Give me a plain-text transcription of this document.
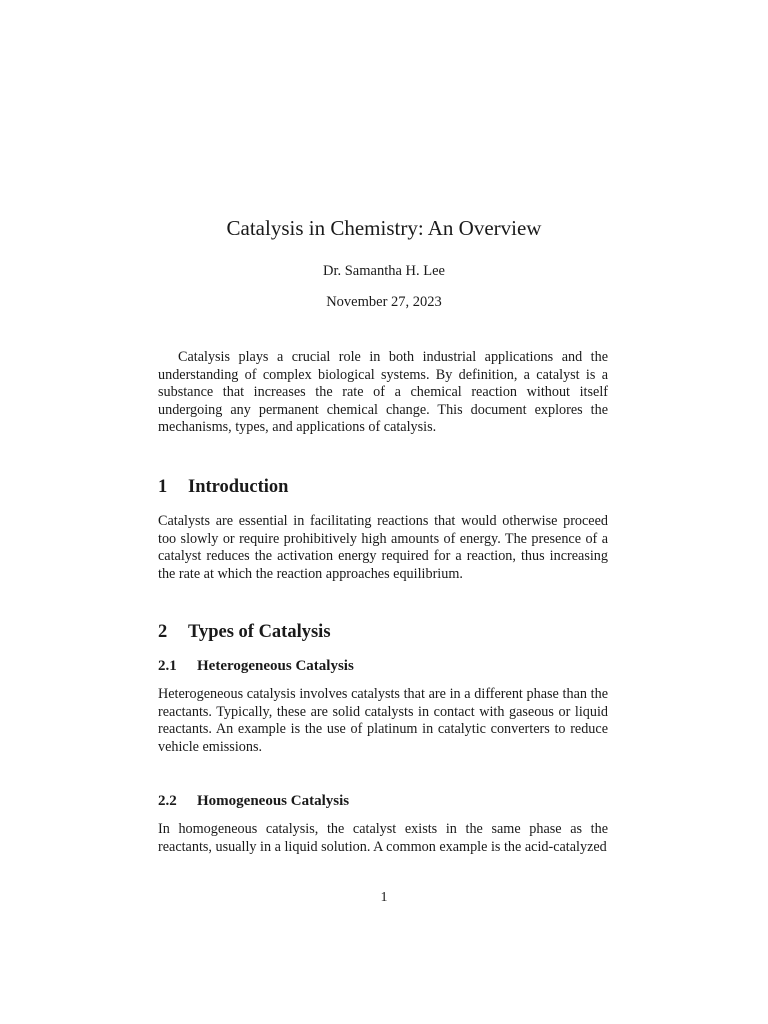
Catalysis in Chemistry: An Overview
Dr. Samantha H. Lee
November 27, 2023

Catalysis plays a crucial role in both industrial applications and the understanding of complex biological systems. By definition, a catalyst is a substance that increases the rate of a chemical reaction without itself undergoing any permanent chemical change. This document explores the mechanisms, types, and applications of catalysis.

1 Introduction

Catalysts are essential in facilitating reactions that would otherwise proceed too slowly or require prohibitively high amounts of energy. The presence of a catalyst reduces the activation energy required for a reaction, thus increasing the rate at which the reaction approaches equilibrium.

2 Types of Catalysis
2.1 Heterogeneous Catalysis

Heterogeneous catalysis involves catalysts that are in a different phase than the reactants. Typically, these are solid catalysts in contact with gaseous or liquid reactants. An example is the use of platinum in catalytic converters to reduce vehicle emissions.

2.2 Homogeneous Catalysis

In homogeneous catalysis, the catalyst exists in the same phase as the reactants, usually in a liquid solution. A common example is the acid-catalyzed

1
